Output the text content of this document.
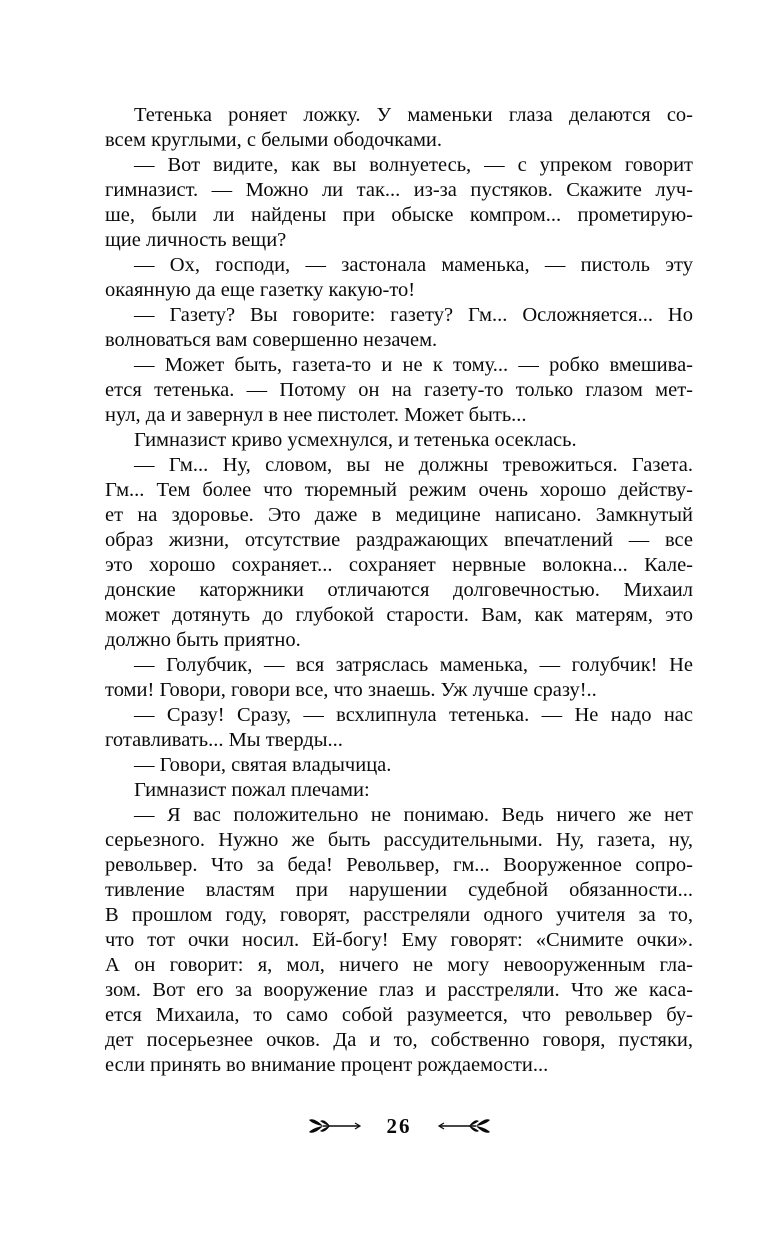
Тетенька роняет ложку. У маменьки глаза делаются со-
всем круглыми, с белыми ободочками.
— Вот видите, как вы волнуетесь, — с упреком говорит
гимназист. — Можно ли так... из-за пустяков. Скажите луч-
ше, были ли найдены при обыске компром... прометирую-
щие личность вещи?
— Ох, господи, — застонала маменька, — пистоль эту
окаянную да еще газетку какую-то!
— Газету? Вы говорите: газету? Гм... Осложняется... Но
волноваться вам совершенно незачем.
— Может быть, газета-то и не к тому... — робко вмешива-
ется тетенька. — Потому он на газету-то только глазом мет-
нул, да и завернул в нее пистолет. Может быть...
Гимназист криво усмехнулся, и тетенька осеклась.
— Гм... Ну, словом, вы не должны тревожиться. Газета.
Гм... Тем более что тюремный режим очень хорошо действу-
ет на здоровье. Это даже в медицине написано. Замкнутый
образ жизни, отсутствие раздражающих впечатлений — все
это хорошо сохраняет... сохраняет нервные волокна... Кале-
донские каторжники отличаются долговечностью. Михаил
может дотянуть до глубокой старости. Вам, как матерям, это
должно быть приятно.
— Голубчик, — вся затряслась маменька, — голубчик! Не
томи! Говори, говори все, что знаешь. Уж лучше сразу!..
— Сразу! Сразу, — всхлипнула тетенька. — Не надо нас
готавливать... Мы тверды...
— Говори, святая владычица.
Гимназист пожал плечами:
— Я вас положительно не понимаю. Ведь ничего же нет
серьезного. Нужно же быть рассудительными. Ну, газета, ну,
револьвер. Что за беда! Револьвер, гм... Вооруженное сопро-
тивление властям при нарушении судебной обязанности...
В прошлом году, говорят, расстреляли одного учителя за то,
что тот очки носил. Ей-богу! Ему говорят: «Снимите очки».
А он говорит: я, мол, ничего не могу невооруженным гла-
зом. Вот его за вооружение глаз и расстреляли. Что же каса-
ется Михаила, то само собой разумеется, что револьвер бу-
дет посерьезнее очков. Да и то, собственно говоря, пустяки,
если принять во внимание процент рождаемости...
26
